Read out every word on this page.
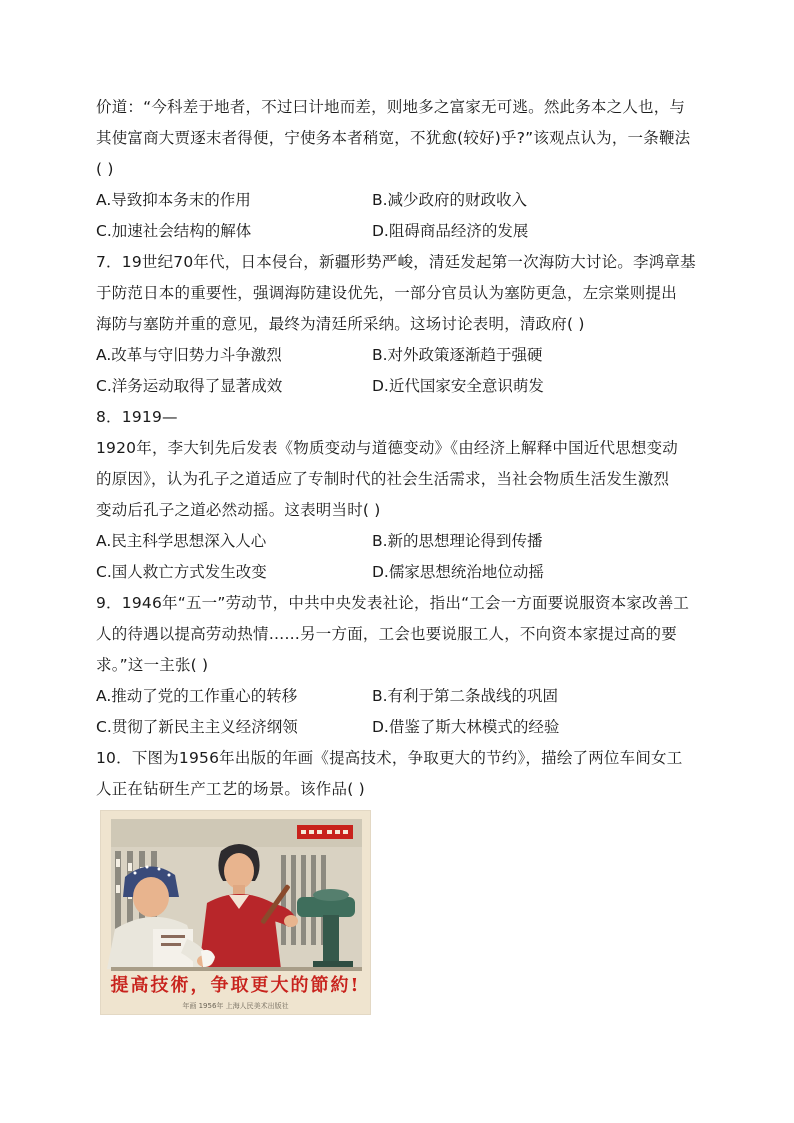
价道：“今科差于地者，不过曰计地而差，则地多之富家无可逃。然此务本之人也，与
其使富商大贾逐末者得便，宁使务本者稍宽，不犹愈(较好)乎?”该观点认为，一条鞭法
( )
A.导致抑本务末的作用	B.减少政府的财政收入
C.加速社会结构的解体	D.阻碍商品经济的发展
7．19世纪70年代，日本侵台，新疆形势严峻，清廷发起第一次海防大讨论。李鸿章基
于防范日本的重要性，强调海防建设优先，一部分官员认为塞防更急，左宗棠则提出
海防与塞防并重的意见，最终为清廷所采纳。这场讨论表明，清政府( )
A.改革与守旧势力斗争激烈	B.对外政策逐渐趋于强硬
C.洋务运动取得了显著成效	D.近代国家安全意识萌发
8．1919—
1920年，李大钊先后发表《物质变动与道德变动》《由经济上解释中国近代思想变动
的原因》，认为孔子之道适应了专制时代的社会生活需求，当社会物质生活发生激烈
变动后孔子之道必然动摇。这表明当时( )
A.民主科学思想深入人心	B.新的思想理论得到传播
C.国人救亡方式发生改变	D.儒家思想统治地位动摇
9．1946年“五一”劳动节，中共中央发表社论，指出“工会一方面要说服资本家改善工
人的待遇以提高劳动热情……另一方面，工会也要说服工人，不向资本家提过高的要
求。”这一主张( )
A.推动了党的工作重心的转移	B.有利于第二条战线的巩固
C.贯彻了新民主主义经济纲领	D.借鉴了斯大林模式的经验
10．下图为1956年出版的年画《提高技术，争取更大的节约》，描绘了两位车间女工
人正在钻研生产工艺的场景。该作品( )
提高技術，争取更大的節約!
年画 1956年 上海人民美术出版社
